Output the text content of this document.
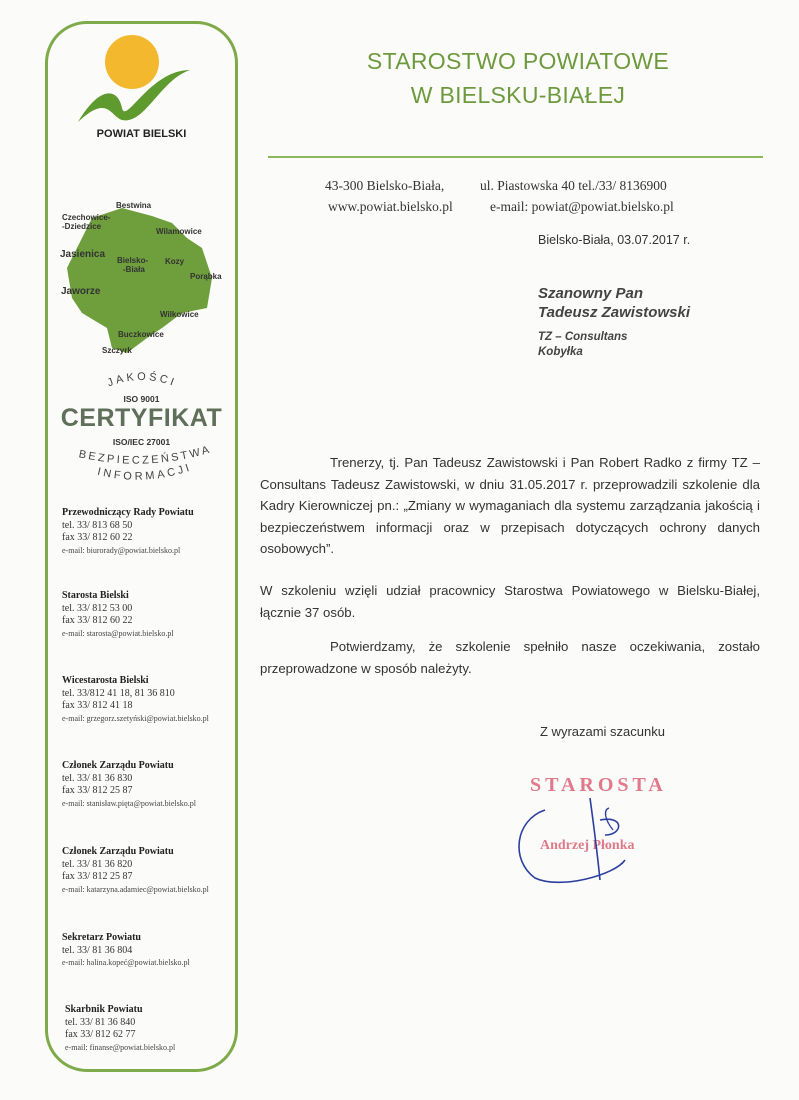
POWIAT BIELSKI
Bestwina
Czechowice-
-Dziedzice
Wilamowice
Jasienica
Bielsko-
-Biała
Kozy
Porąbka
Jaworze
Wilkowice
Buczkowice
Szczyrk
JAKOŚCI
ISO 9001
CERTYFIKAT
ISO/IEC 27001
BEZPIECZEŃSTWA
INFORMACJI
Przewodniczący Rady Powiatu
tel. 33/ 813 68 50
fax 33/ 812 60 22
e-mail: biurorady@powiat.bielsko.pl
Starosta Bielski
tel. 33/ 812 53 00
fax 33/ 812 60 22
e-mail: starosta@powiat.bielsko.pl
Wicestarosta Bielski
tel. 33/812 41 18, 81 36 810
fax 33/ 812 41 18
e-mail: grzegorz.szetyński@powiat.bielsko.pl
Członek Zarządu Powiatu
tel. 33/ 81 36 830
fax 33/ 812 25 87
e-mail: stanisław.pięta@powiat.bielsko.pl
Członek Zarządu Powiatu
tel. 33/ 81 36 820
fax 33/ 812 25 87
e-mail: katarzyna.adamiec@powiat.bielsko.pl
Sekretarz Powiatu
tel. 33/ 81 36 804
e-mail: halina.kopeć@powiat.bielsko.pl
Skarbnik Powiatu
tel. 33/ 81 36 840
fax 33/ 812 62 77
e-mail: finanse@powiat.bielsko.pl
STAROSTWO POWIATOWE
W BIELSKU-BIAŁEJ
43-300 Bielsko-Biała,	ul. Piastowska 40 tel./33/ 8136900
www.powiat.bielsko.pl	e-mail: powiat@powiat.bielsko.pl
Bielsko-Biała, 03.07.2017 r.
Szanowny Pan
Tadeusz Zawistowski
TZ – Consultans
Kobyłka
Trenerzy, tj. Pan Tadeusz Zawistowski i Pan Robert Radko z firmy TZ – Consultans Tadeusz Zawistowski, w dniu 31.05.2017 r. przeprowadzili szkolenie dla Kadry Kierowniczej pn.: „Zmiany w wymaganiach dla systemu zarządzania jakością i bezpieczeństwem informacji oraz w przepisach dotyczących ochrony danych osobowych”.
W szkoleniu wzięli udział pracownicy Starostwa Powiatowego w Bielsku-Białej, łącznie 37 osób.
Potwierdzamy, że szkolenie spełniło nasze oczekiwania, zostało przeprowadzone w sposób należyty.
Z wyrazami szacunku
STAROSTA
Andrzej Płonka
